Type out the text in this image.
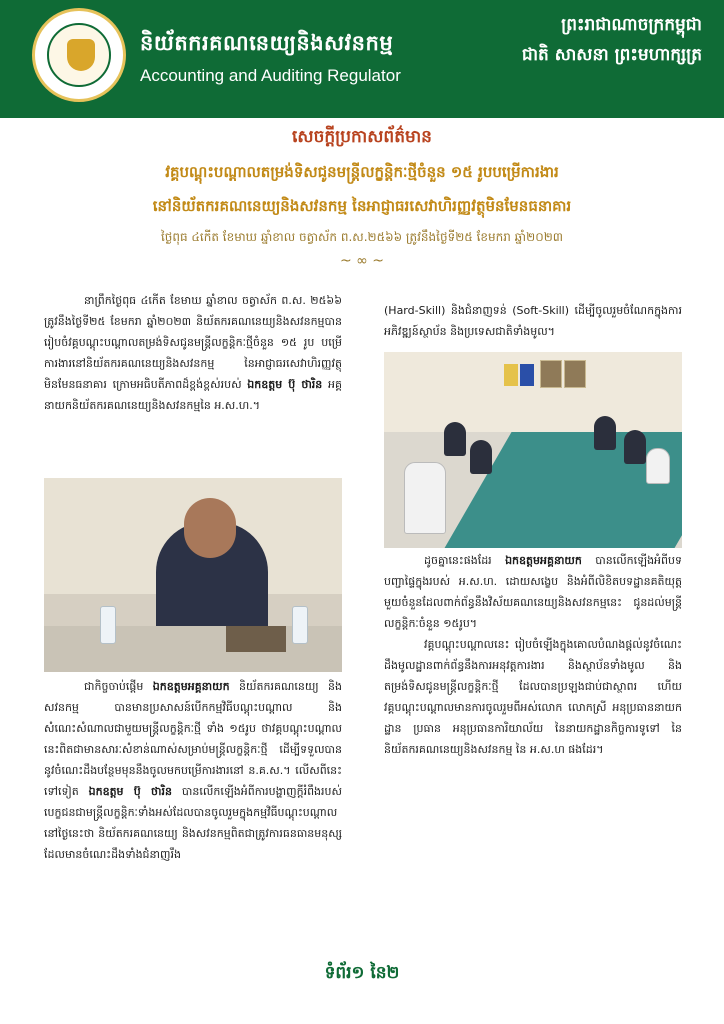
និយ័តករគណនេយ្យនិងសវនកម្ម
Accounting and Auditing Regulator
ព្រះរាជាណាចក្រកម្ពុជា
ជាតិ សាសនា ព្រះមហាក្សត្រ
សេចក្តីប្រកាសព័ត៌មាន
វគ្គបណ្តុះបណ្តាលតម្រង់ទិសជូនមន្ត្រីលក្ខន្តិកៈថ្មីចំនួន ១៥ រូបបម្រើការងារ
នៅនិយ័តករគណនេយ្យនិងសវនកម្ម នៃអាជ្ញាធរសេវាហិរញ្ញវត្ថុមិនមែនធនាគារ
ថ្ងៃពុធ ៤កើត ខែមាឃ ឆ្នាំខាល ចត្វាស័ក ព.ស.២៥៦៦ ត្រូវនឹងថ្ងៃទី២៥ ខែមករា ឆ្នាំ២០២៣
~ ∞ ~

នាព្រឹកថ្ងៃពុធ ៤កើត ខែមាឃ ឆ្នាំខាល ចត្វាស័ក ព.ស. ២៥៦៦ ត្រូវនឹងថ្ងៃទី២៥ ខែមករា ឆ្នាំ២០២៣ និយ័តករគណនេយ្យនិងសវនកម្មបានរៀបចំវគ្គបណ្តុះបណ្តាលតម្រង់ទិសជូនមន្ត្រីលក្ខន្តិកៈថ្មីចំនួន ១៥ រូប បម្រើការងារនៅនិយ័តករគណនេយ្យនិងសវនកម្ម នៃអាជ្ញាធរសេវាហិរញ្ញវត្ថុមិនមែនធនាគារ ក្រោមអធិបតីភាពដ៏ខ្ពង់ខ្ពស់របស់ ឯកឧត្តម ប៊ុ ថារិន អគ្គនាយកនិយ័តករគណនេយ្យនិងសវនកម្មនៃ អ.ស.ហ.។

ជាកិច្ចចាប់ផ្តើម ឯកឧត្តមអគ្គនាយក និយ័តករគណនេយ្យ និងសវនកម្ម បានមានប្រសាសន៍បើកកម្មវិធីបណ្តុះបណ្តាល និងសំណេះសំណាលជាមួយមន្ត្រីលក្ខន្តិកៈថ្មី ទាំង ១៥រូប ថាវគ្គបណ្តុះបណ្តាលនេះពិតជាមានសារៈសំខាន់ណាស់សម្រាប់មន្ត្រីលក្ខន្តិកៈថ្មី ដើម្បីទទួលបាននូវចំណេះដឹងបន្ថែមមុននឹងចូលមកបម្រើការងារនៅ ន.គ.ស.។ លើសពីនេះទៅទៀត ឯកឧត្តម ប៊ុ ថារិន បានលើកឡើងអំពីការបង្ហាញក្តីរំពឹងរបស់បេក្ខជនជាមន្ត្រីលក្ខន្តិកៈទាំងអស់ដែលបានចូលរួមក្នុងកម្មវិធីបណ្តុះបណ្តាលនៅថ្ងៃនេះថា និយ័តករគណនេយ្យ និងសវនកម្មពិតជាត្រូវការធនធានមនុស្សដែលមានចំណេះដឹងទាំងជំនាញរឹង

(Hard-Skill) និងជំនាញទន់ (Soft-Skill) ដើម្បីចូលរួមចំណែកក្នុងការអភិវឌ្ឍន៍ស្ថាប័ន និងប្រទេសជាតិទាំងមូល។

ដូចគ្នានេះផងដែរ ឯកឧត្តមអគ្គនាយក បានលើកឡើងអំពីបទបញ្ជាផ្ទៃក្នុងរបស់ អ.ស.ហ. ដោយសង្ខេប និងអំពីលិខិតបទដ្ឋានគតិយុត្តមួយចំនួនដែលពាក់ព័ន្ធនឹងវិស័យគណនេយ្យនិងសវនកម្មនេះ ជូនដល់មន្ត្រីលក្ខន្តិកៈចំនួន ១៥រូប។

វគ្គបណ្តុះបណ្តាលនេះ រៀបចំឡើងក្នុងគោលបំណងផ្តល់នូវចំណេះដឹងមូលដ្ឋានពាក់ព័ន្ធនឹងការអនុវត្តការងារ និងស្ថាប័នទាំងមូល និងតម្រង់ទិសជូនមន្ត្រីលក្ខន្តិកៈថ្មី ដែលបានប្រឡងជាប់ជាស្ថាពរ ហើយវគ្គបណ្តុះបណ្តាលមានការចូលរួមពីអស់លោក លោកស្រី អនុប្រធាននាយកដ្ឋាន ប្រធាន អនុប្រធានការិយាល័យ នៃនាយកដ្ឋានកិច្ចការទូទៅ នៃនិយ័តករគណនេយ្យនិងសវនកម្ម នៃ អ.ស.ហ ផងដែរ។

ទំព័រ១ នៃ២
